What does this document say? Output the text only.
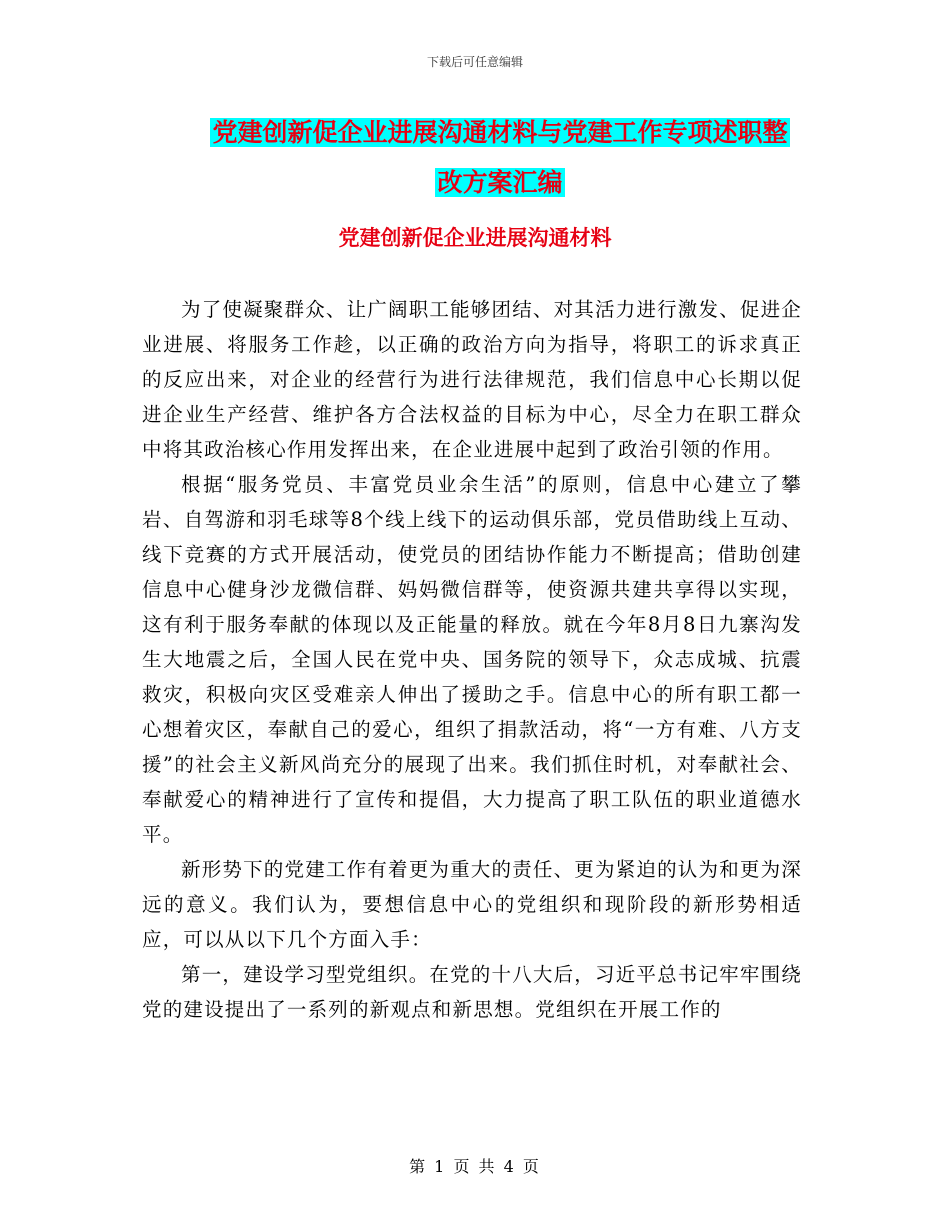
下载后可任意编辑
党建创新促企业进展沟通材料与党建工作专项述职整
改方案汇编
党建创新促企业进展沟通材料

为了使凝聚群众、让广阔职工能够团结、对其活力进行激发、促进企业进展、将服务工作趁，以正确的政治方向为指导，将职工的诉求真正的反应出来，对企业的经营行为进行法律规范，我们信息中心长期以促进企业生产经营、维护各方合法权益的目标为中心，尽全力在职工群众中将其政治核心作用发挥出来，在企业进展中起到了政治引领的作用。

根据“服务党员、丰富党员业余生活”的原则，信息中心建立了攀岩、自驾游和羽毛球等8个线上线下的运动俱乐部，党员借助线上互动、线下竞赛的方式开展活动，使党员的团结协作能力不断提高；借助创建信息中心健身沙龙微信群、妈妈微信群等，使资源共建共享得以实现，这有利于服务奉献的体现以及正能量的释放。就在今年8月8日九寨沟发生大地震之后，全国人民在党中央、国务院的领导下，众志成城、抗震救灾，积极向灾区受难亲人伸出了援助之手。信息中心的所有职工都一心想着灾区，奉献自己的爱心，组织了捐款活动，将“一方有难、八方支援”的社会主义新风尚充分的展现了出来。我们抓住时机，对奉献社会、奉献爱心的精神进行了宣传和提倡，大力提高了职工队伍的职业道德水平。

新形势下的党建工作有着更为重大的责任、更为紧迫的认为和更为深远的意义。我们认为，要想信息中心的党组织和现阶段的新形势相适应，可以从以下几个方面入手：

第一，建设学习型党组织。在党的十八大后，习近平总书记牢牢围绕党的建设提出了一系列的新观点和新思想。党组织在开展工作的

第 1 页 共 4 页
